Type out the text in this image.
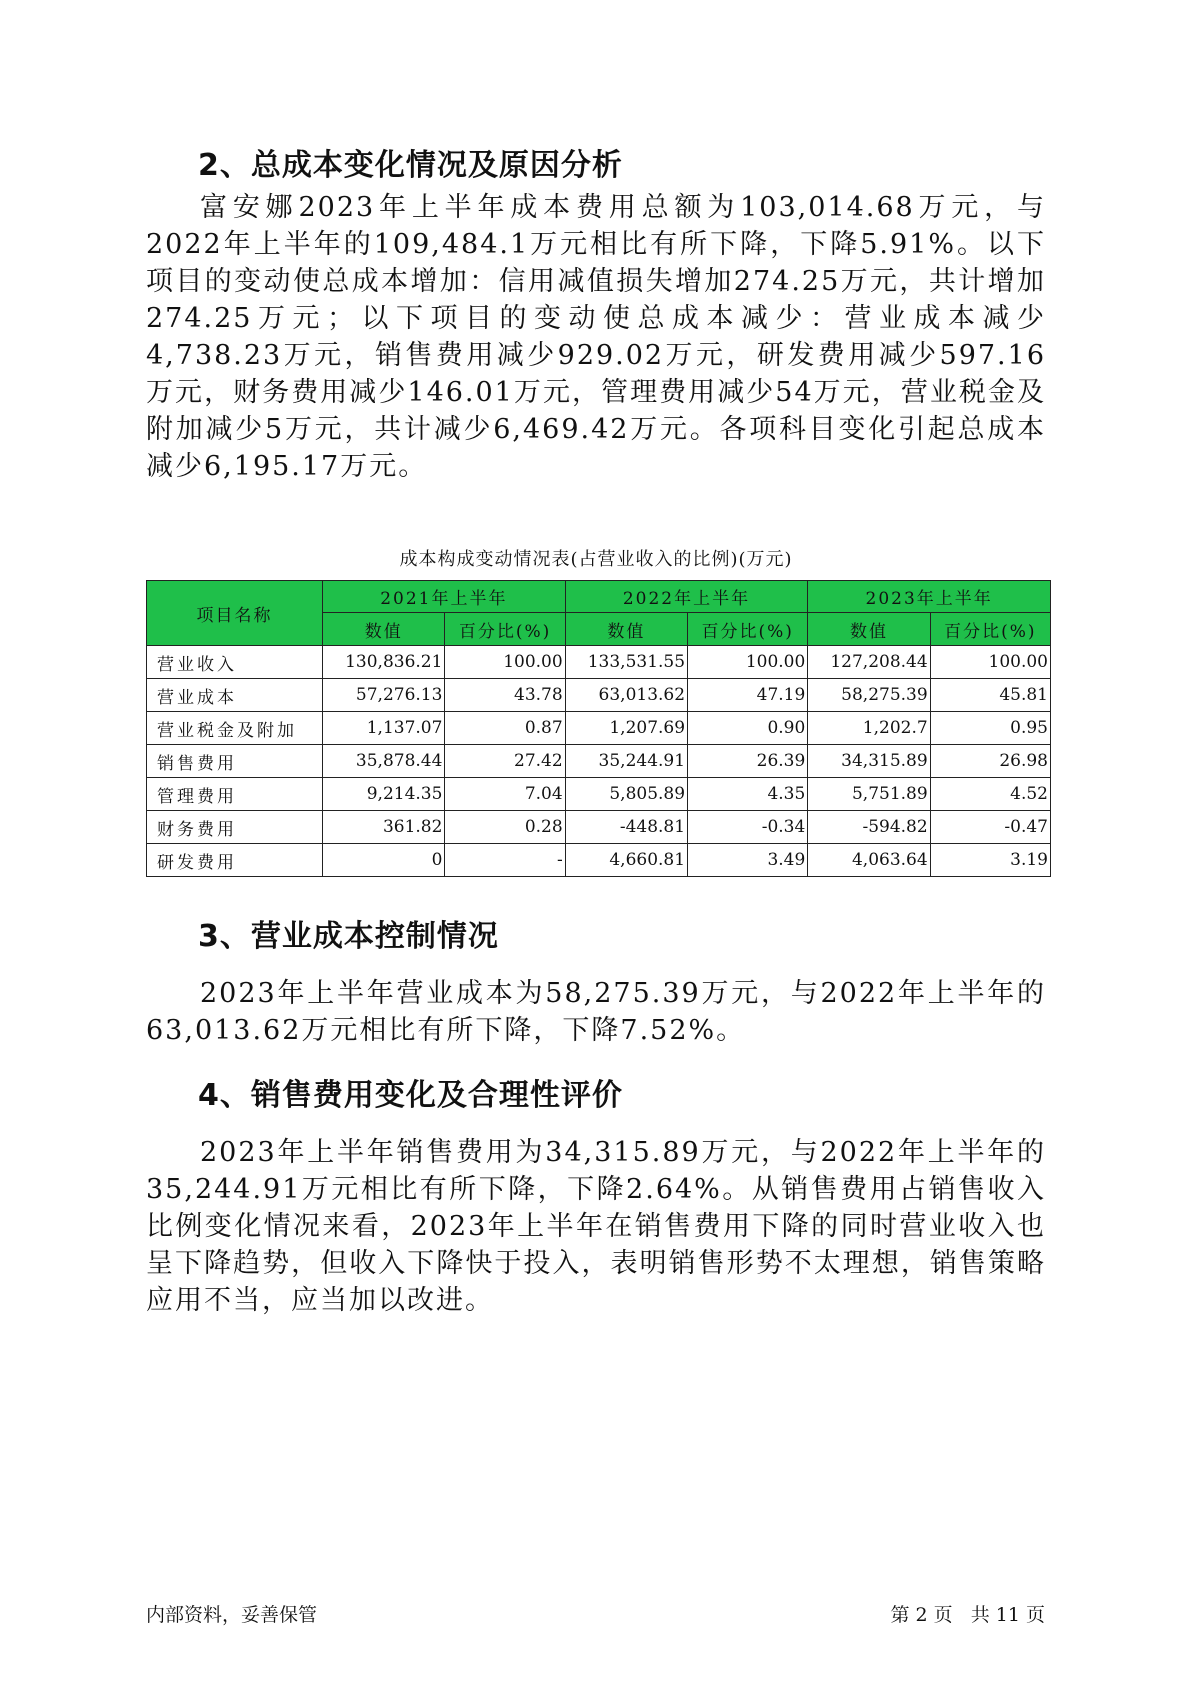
2、总成本变化情况及原因分析

富安娜2023年上半年成本费用总额为103,014.68万元，与2022年上半年的109,484.1万元相比有所下降，下降5.91%。以下项目的变动使总成本增加：信用减值损失增加274.25万元，共计增加274.25万元；以下项目的变动使总成本减少：营业成本减少4,738.23万元，销售费用减少929.02万元，研发费用减少597.16万元，财务费用减少146.01万元，管理费用减少54万元，营业税金及附加减少5万元，共计减少6,469.42万元。各项科目变化引起总成本减少6,195.17万元。

成本构成变动情况表(占营业收入的比例)(万元)
项目名称	2021年上半年		2022年上半年		2023年上半年	
	数值	百分比(%)	数值	百分比(%)	数值	百分比(%)
营业收入	130,836.21	100.00	133,531.55	100.00	127,208.44	100.00
营业成本	57,276.13	43.78	63,013.62	47.19	58,275.39	45.81
营业税金及附加	1,137.07	0.87	1,207.69	0.90	1,202.7	0.95
销售费用	35,878.44	27.42	35,244.91	26.39	34,315.89	26.98
管理费用	9,214.35	7.04	5,805.89	4.35	5,751.89	4.52
财务费用	361.82	0.28	-448.81	-0.34	-594.82	-0.47
研发费用	0	-	4,660.81	3.49	4,063.64	3.19
3、营业成本控制情况

2023年上半年营业成本为58,275.39万元，与2022年上半年的63,013.62万元相比有所下降，下降7.52%。

4、销售费用变化及合理性评价

2023年上半年销售费用为34,315.89万元，与2022年上半年的35,244.91万元相比有所下降，下降2.64%。从销售费用占销售收入比例变化情况来看，2023年上半年在销售费用下降的同时营业收入也呈下降趋势，但收入下降快于投入，表明销售形势不太理想，销售策略应用不当，应当加以改进。

内部资料，妥善保管	第 2 页   共 11 页
